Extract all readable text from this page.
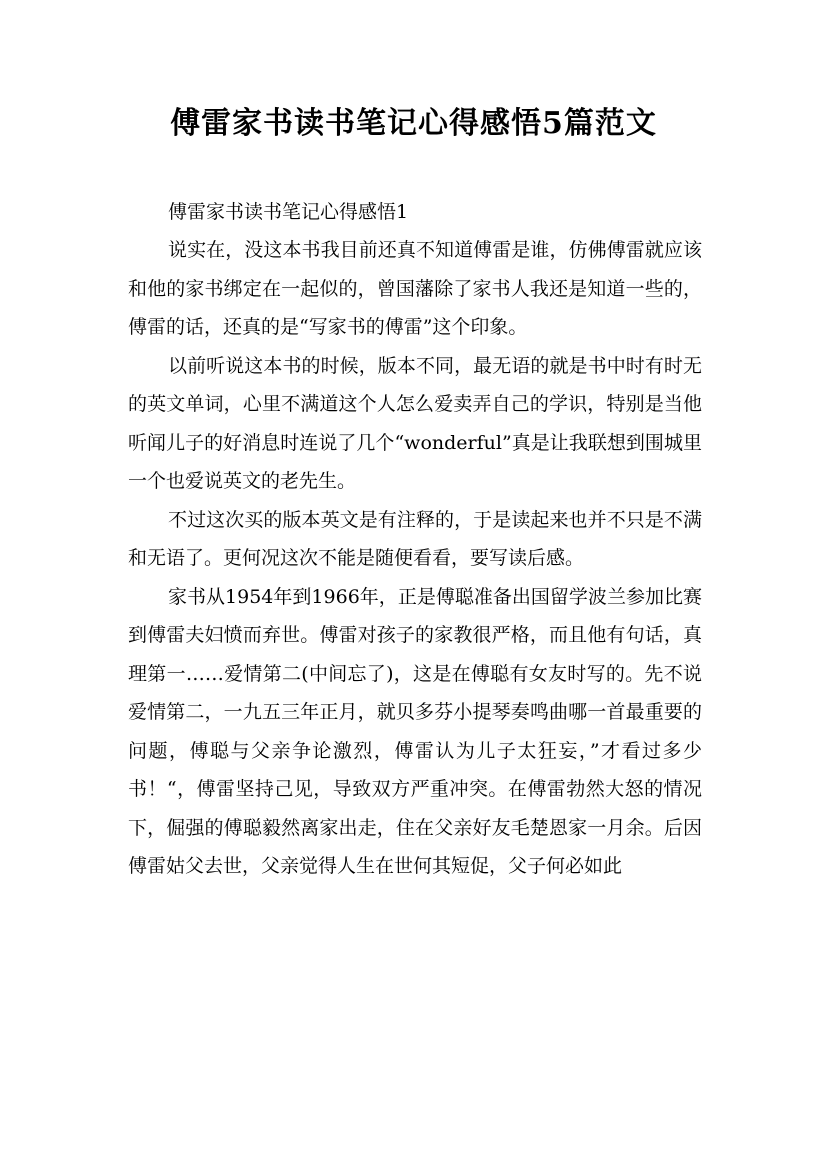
傅雷家书读书笔记心得感悟5篇范文

傅雷家书读书笔记心得感悟1

说实在，没这本书我目前还真不知道傅雷是谁，仿佛傅雷就应该和他的家书绑定在一起似的，曾国藩除了家书人我还是知道一些的，傅雷的话，还真的是“写家书的傅雷”这个印象。

以前听说这本书的时候，版本不同，最无语的就是书中时有时无的英文单词，心里不满道这个人怎么爱卖弄自己的学识，特别是当他听闻儿子的好消息时连说了几个“wonderful”真是让我联想到围城里一个也爱说英文的老先生。

不过这次买的版本英文是有注释的，于是读起来也并不只是不满和无语了。更何况这次不能是随便看看，要写读后感。

家书从1954年到1966年，正是傅聪准备出国留学波兰参加比赛到傅雷夫妇愤而弃世。傅雷对孩子的家教很严格，而且他有句话，真理第一……爱情第二(中间忘了)，这是在傅聪有女友时写的。先不说爱情第二，一九五三年正月，就贝多芬小提琴奏鸣曲哪一首最重要的问题，傅聪与父亲争论激烈，傅雷认为儿子太狂妄，”才看过多少书！“，傅雷坚持己见，导致双方严重冲突。在傅雷勃然大怒的情况下，倔强的傅聪毅然离家出走，住在父亲好友毛楚恩家一月余。后因傅雷姑父去世，父亲觉得人生在世何其短促，父子何必如此
